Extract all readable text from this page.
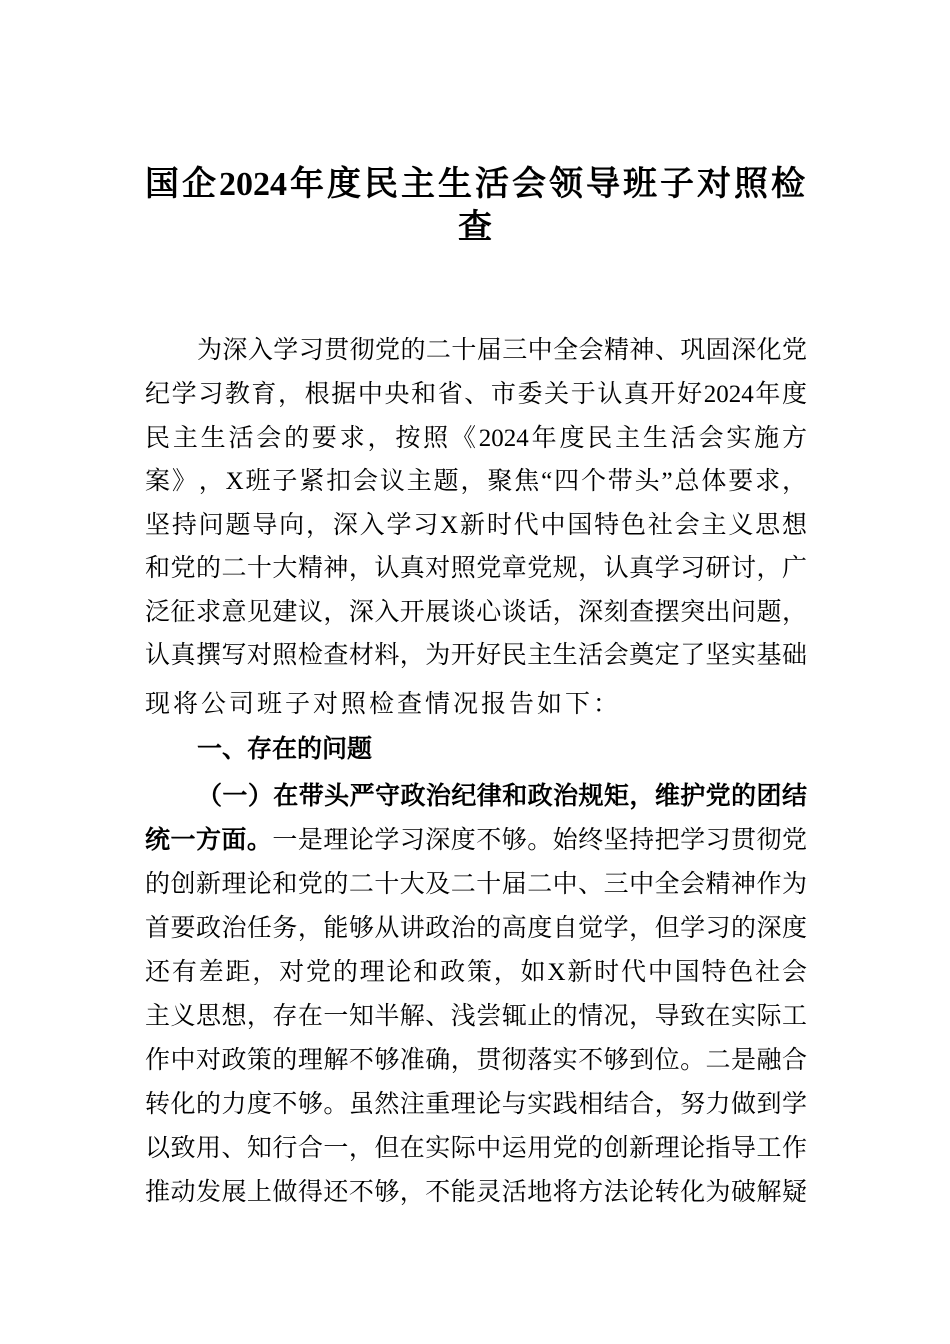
国企2024年度民主生活会领导班子对照检
查
为​深​入​学​习​贯​彻​党​的​二​十​届​三​中​全​会​精​神​、​巩​固​深​化​党
纪​学​习​教​育​，​根​据​中​央​和​省​、​市​委​关​于​认​真​开​好​2​0​2​4​年​度
民​主​生​活​会​的​要​求​，​按​照​《​2​0​2​4​年​度​民​主​生​活​会​实​施​方
案​》​，​X​班​子​紧​扣​会​议​主​题​，​聚​焦​“​四​个​带​头​”​总​体​要​求​，
坚​持​问​题​导​向​，​深​入​学​习​X​新​时​代​中​国​特​色​社​会​主​义​思​想
和​党​的​二​十​大​精​神​，​认​真​对​照​党​章​党​规​，​认​真​学​习​研​讨​，​广
泛​征​求​意​见​建​议​，​深​入​开​展​谈​心​谈​话​，​深​刻​查​摆​突​出​问​题​，
认​真​撰​写​对​照​检​查​材​料​，​为​开​好​民​主​生​活​会​奠​定​了​坚​实​基​础
现将公司班子对照检查情况报告如下：
一、存在的问题
（​一​）​在​带​头​严​守​政​治​纪​律​和​政​治​规​矩​，​维​护​党​的​团​结
统​一​方​面​。一​是​理​论​学​习​深​度​不​够​。​始​终​坚​持​把​学​习​贯​彻​党
的​创​新​理​论​和​党​的​二​十​大​及​二​十​届​二​中​、​三​中​全​会​精​神​作​为
首​要​政​治​任​务​，​能​够​从​讲​政​治​的​高​度​自​觉​学​，​但​学​习​的​深​度
还​有​差​距​，​对​党​的​理​论​和​政​策​，​如​X​新​时​代​中​国​特​色​社​会
主​义​思​想​，​存​在​一​知​半​解​、​浅​尝​辄​止​的​情​况​，​导​致​在​实​际​工
作​中​对​政​策​的​理​解​不​够​准​确​，​贯​彻​落​实​不​够​到​位​。​二​是​融​合
转​化​的​力​度​不​够​。​虽​然​注​重​理​论​与​实​践​相​结​合​，​努​力​做​到​学
以​致​用​、​知​行​合​一​，​但​在​实​际​中​运​用​党​的​创​新​理​论​指​导​工​作
推​动​发​展​上​做​得​还​不​够​，​不​能​灵​活​地​将​方​法​论​转​化​为​破​解​疑
